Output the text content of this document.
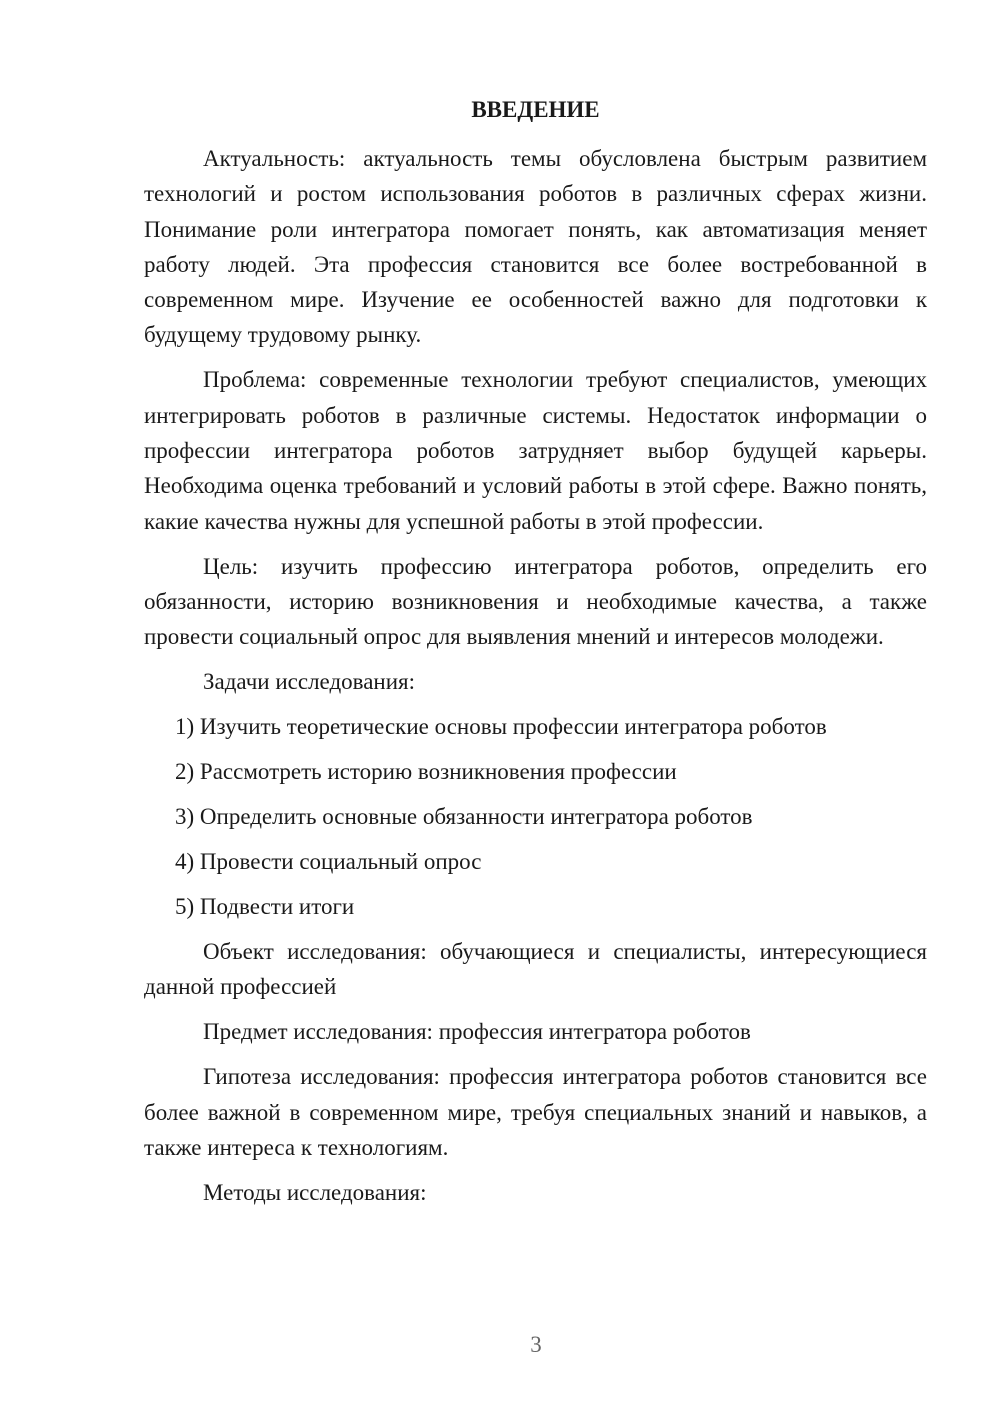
ВВЕДЕНИЕ
Актуальность: актуальность темы обусловлена быстрым развитием технологий и ростом использования роботов в различных сферах жизни. Понимание роли интегратора помогает понять, как автоматизация меняет работу людей. Эта профессия становится все более востребованной в современном мире. Изучение ее особенностей важно для подготовки к будущему трудовому рынку.
Проблема: современные технологии требуют специалистов, умеющих интегрировать роботов в различные системы. Недостаток информации о профессии интегратора роботов затрудняет выбор будущей карьеры. Необходима оценка требований и условий работы в этой сфере. Важно понять, какие качества нужны для успешной работы в этой профессии.
Цель: изучить профессию интегратора роботов, определить его обязанности, историю возникновения и необходимые качества, а также провести социальный опрос для выявления мнений и интересов молодежи.
Задачи исследования:
1) Изучить теоретические основы профессии интегратора роботов
2) Рассмотреть историю возникновения профессии
3) Определить основные обязанности интегратора роботов
4) Провести социальный опрос
5) Подвести итоги
Объект исследования: обучающиеся и специалисты, интересующиеся данной профессией
Предмет исследования: профессия интегратора роботов
Гипотеза исследования: профессия интегратора роботов становится все более важной в современном мире, требуя специальных знаний и навыков, а также интереса к технологиям.
Методы исследования:
3
